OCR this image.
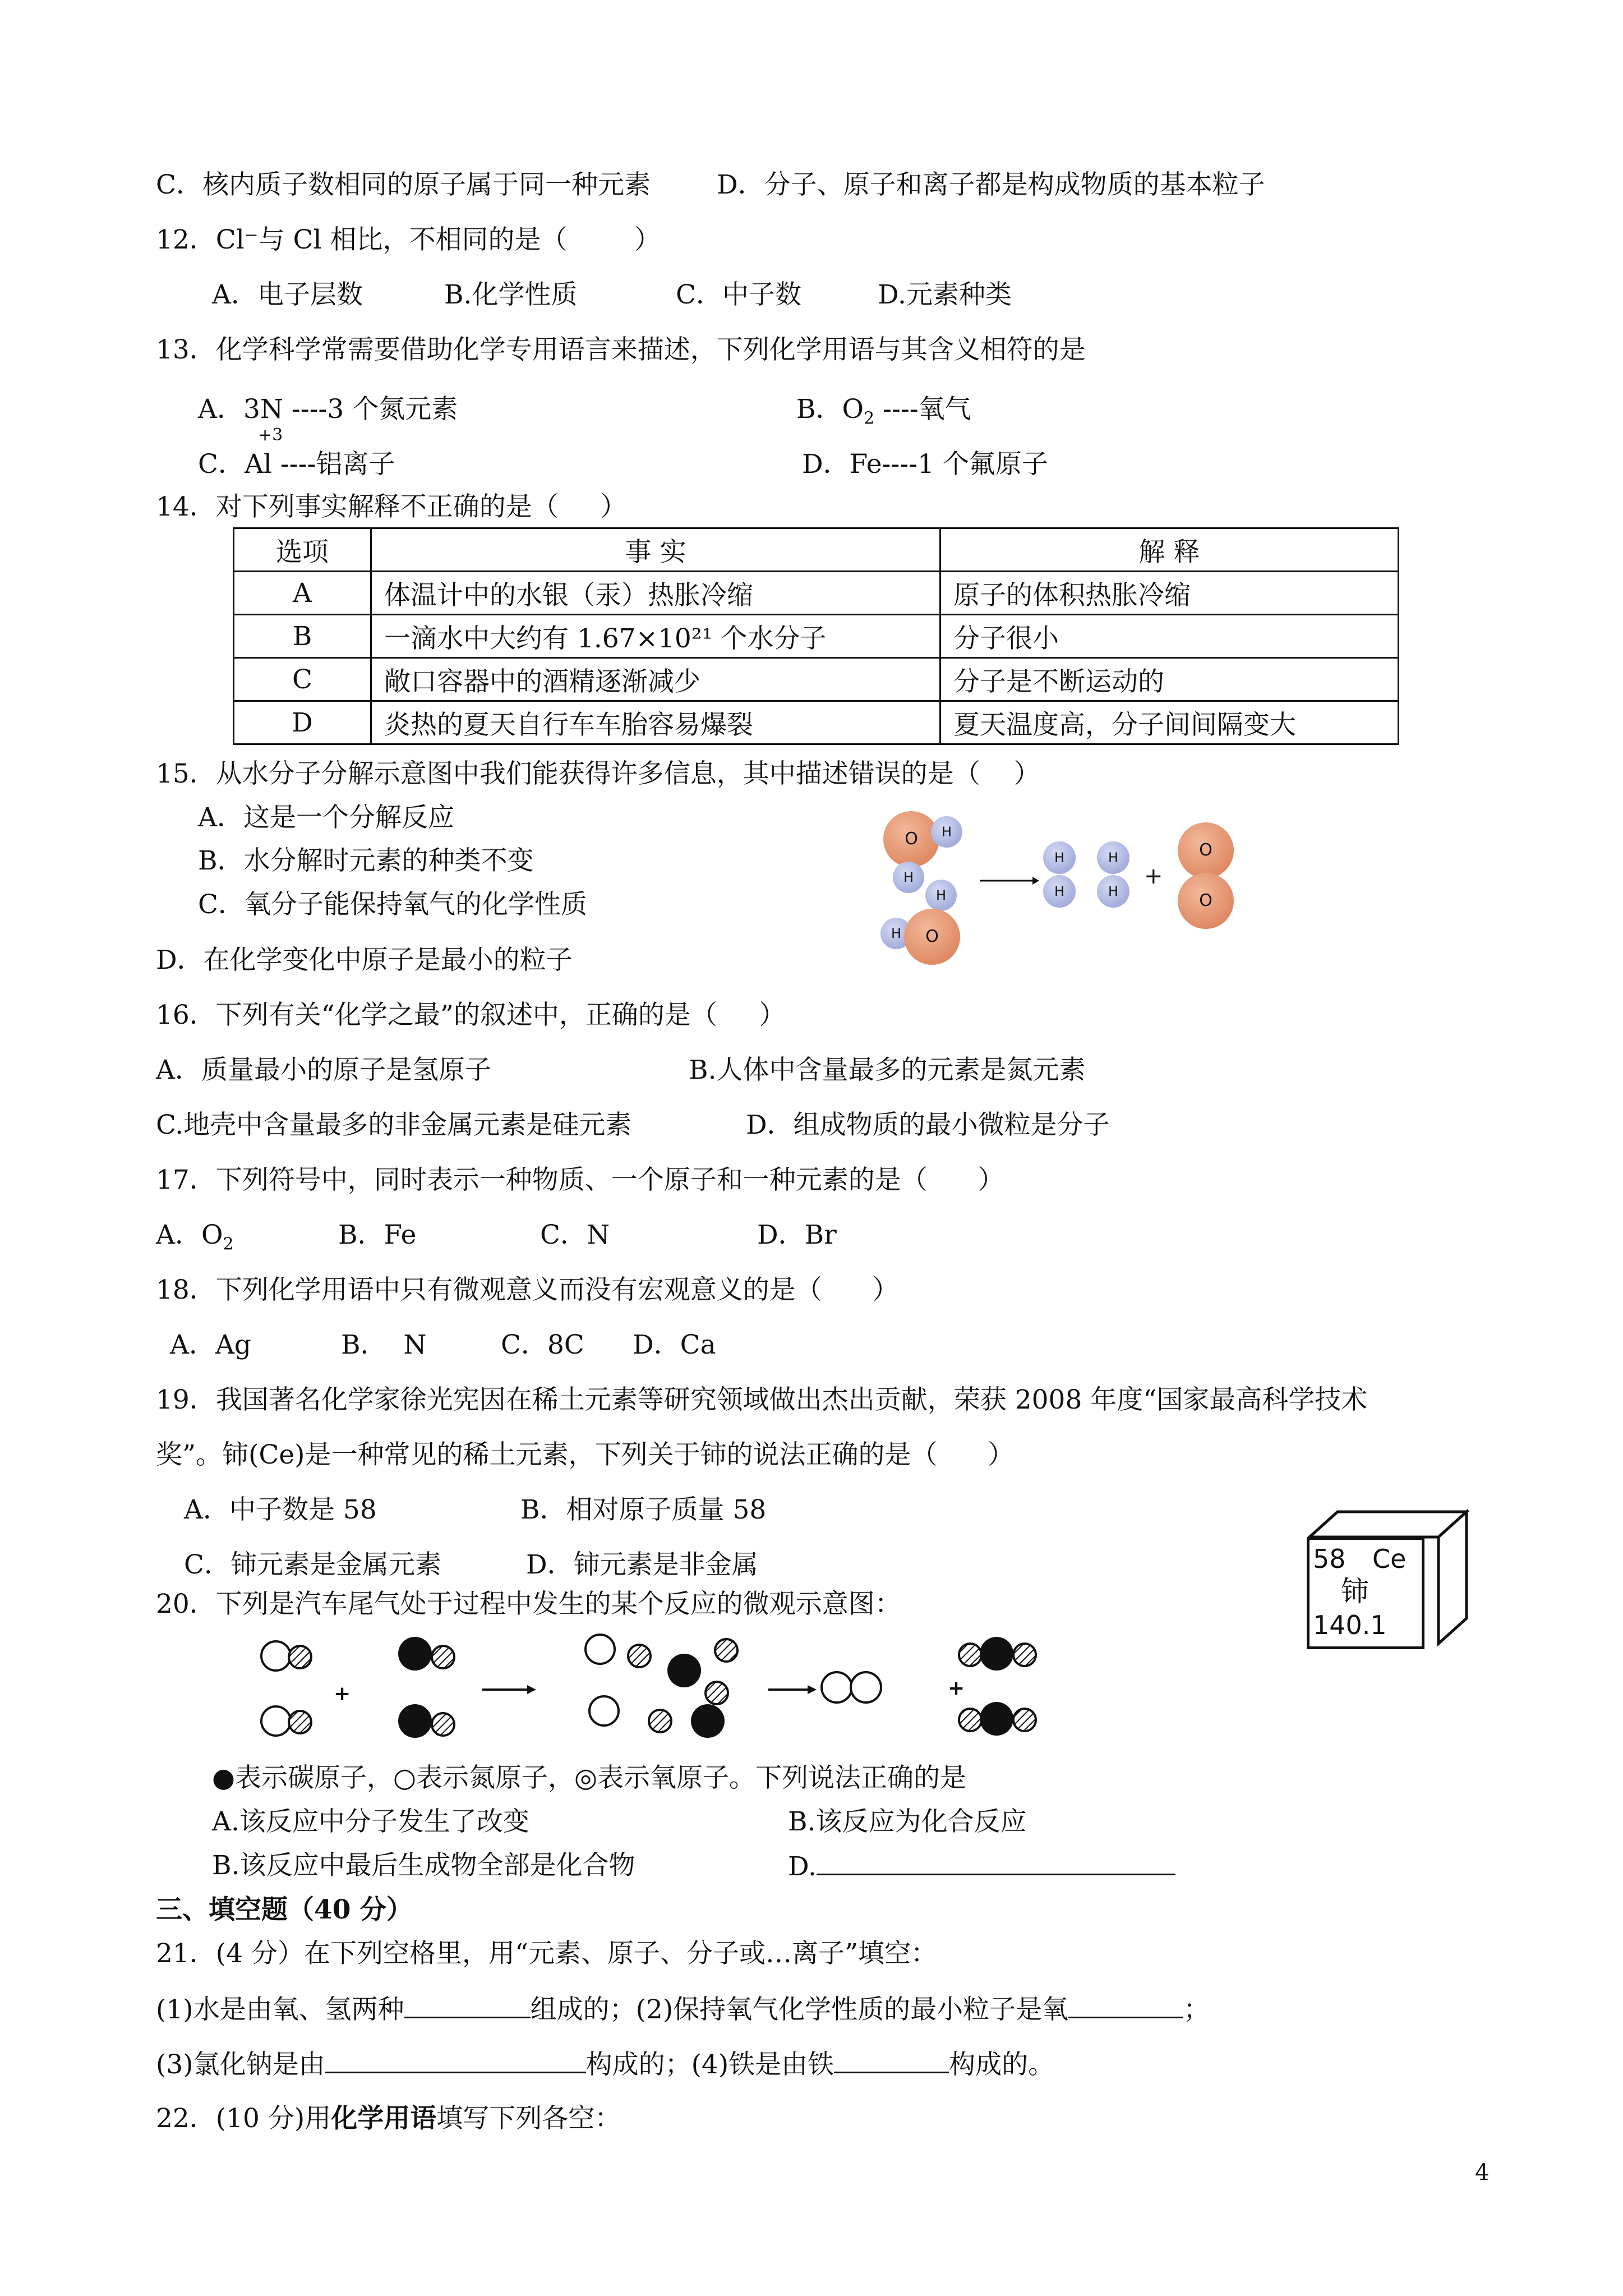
C．核内质子数相同的原子属于同一种元素	D．分子、原子和离子都是构成物质的基本粒子
12．Cl⁻与 Cl 相比，不相同的是（        ）
A．电子层数	B.化学性质	C．中子数	D.元素种类
13．化学科学常需要借助化学专用语言来描述，下列化学用语与其含义相符的是
A．3N ----3 个氮元素	B．$O_2$ ----氧气
+3
C．Al ----铝离子	D．Fe----1 个氟原子
14．对下列事实解释不正确的是（     ）
选项	事 实	解 释
A	体温计中的水银（汞）热胀冷缩	原子的体积热胀冷缩
B	一滴水中大约有 1.67×10²¹ 个水分子	分子很小
C	敞口容器中的酒精逐渐减少	分子是不断运动的
D	炎热的夏天自行车车胎容易爆裂	夏天温度高，分子间间隔变大
15．从水分子分解示意图中我们能获得许多信息，其中描述错误的是（    ）
A．这是一个分解反应
B．水分解时元素的种类不变
C．氧分子能保持氧气的化学性质
D．在化学变化中原子是最小的粒子
O	H
H
H
H	O
H
H
H
H
+
O
O
16．下列有关“化学之最”的叙述中，正确的是（     ）
A．质量最小的原子是氢原子	B.人体中含量最多的元素是氮元素
C.地壳中含量最多的非金属元素是硅元素	D．组成物质的最小微粒是分子
17．下列符号中，同时表示一种物质、一个原子和一种元素的是（      ）
A．$O_2$	B．Fe	C．N	D．Br
18．下列化学用语中只有微观意义而没有宏观意义的是（      ）
A．Ag	B．  N	C．8C D．Ca
19．我国著名化学家徐光宪因在稀土元素等研究领域做出杰出贡献，荣获 2008 年度“国家最高科学技术
奖”。铈(Ce)是一种常见的稀土元素，下列关于铈的说法正确的是（      ）
A．中子数是 58	B．相对原子质量 58
C．铈元素是金属元素	D．铈元素是非金属	58 Ce
铈
140.1
20．下列是汽车尾气处于过程中发生的某个反应的微观示意图：
+	+
●表示碳原子，○表示氮原子，◎表示氧原子。下列说法正确的是
A.该反应中分子发生了改变	B.该反应为化合反应
B.该反应中最后生成物全部是化合物	D.
三、填空题（40 分）
21．(4 分）在下列空格里，用“元素、原子、分子或…离子”填空：
(1)水是由氧、氢两种	组成的；(2)保持氧气化学性质的最小粒子是氧	；
(3)氯化钠是由	构成的；(4)铁是由铁	构成的。
22．(10 分)用化学用语填写下列各空：
4
